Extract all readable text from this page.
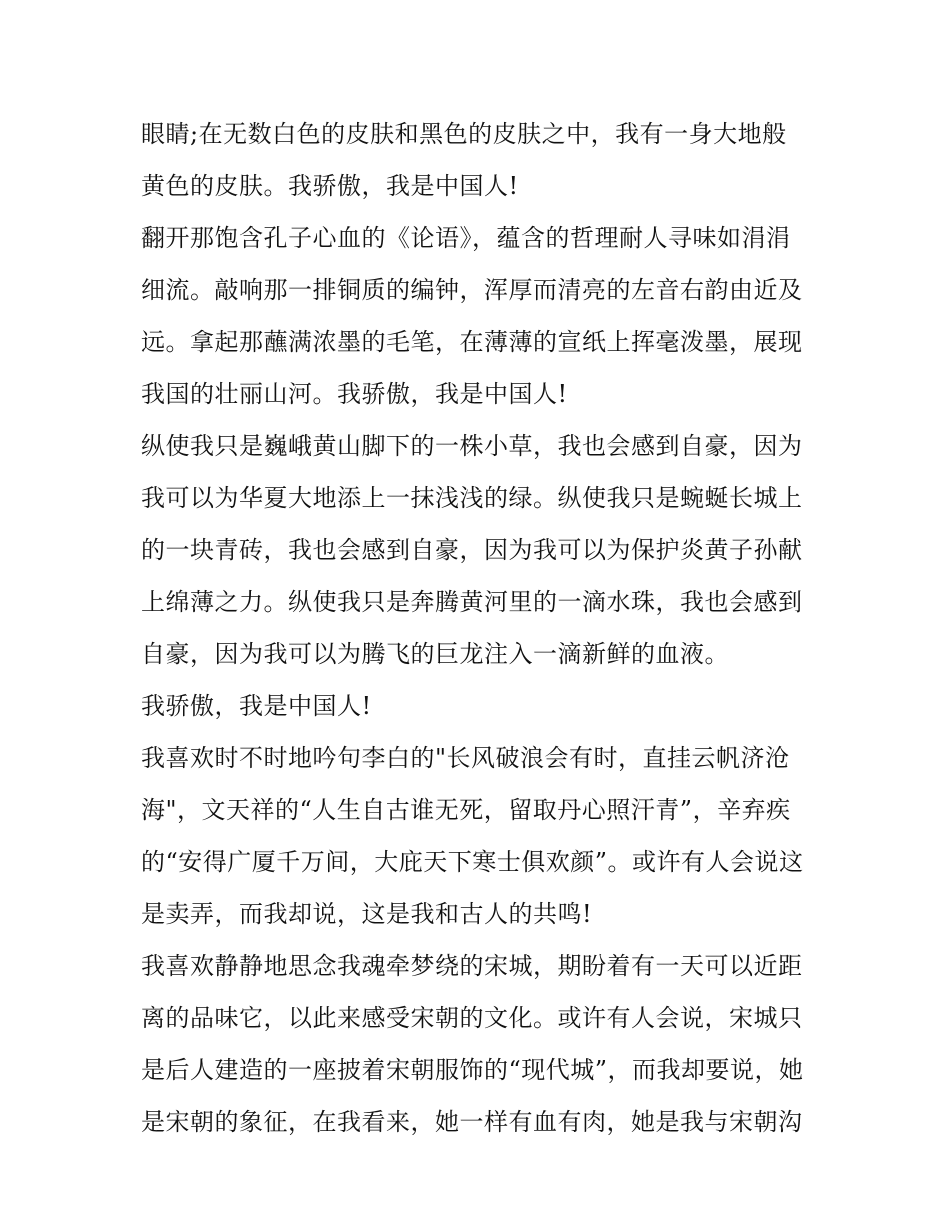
眼睛;在无数白色的皮肤和黑色的皮肤之中，我有一身大地般
黄色的皮肤。我骄傲，我是中国人!
翻开那饱含孔子心血的《论语》，蕴含的哲理耐人寻味如涓涓
细流。敲响那一排铜质的编钟，浑厚而清亮的左音右韵由近及
远。拿起那蘸满浓墨的毛笔，在薄薄的宣纸上挥毫泼墨，展现
我国的壮丽山河。我骄傲，我是中国人!
纵使我只是巍峨黄山脚下的一株小草，我也会感到自豪，因为
我可以为华夏大地添上一抹浅浅的绿。纵使我只是蜿蜒长城上
的一块青砖，我也会感到自豪，因为我可以为保护炎黄子孙献
上绵薄之力。纵使我只是奔腾黄河里的一滴水珠，我也会感到
自豪，因为我可以为腾飞的巨龙注入一滴新鲜的血液。
我骄傲，我是中国人!
我喜欢时不时地吟句李白的"长风破浪会有时，直挂云帆济沧
海"，文天祥的“人生自古谁无死，留取丹心照汗青”，辛弃疾
的“安得广厦千万间，大庇天下寒士俱欢颜”。或许有人会说这
是卖弄，而我却说，这是我和古人的共鸣!
我喜欢静静地思念我魂牵梦绕的宋城，期盼着有一天可以近距
离的品味它，以此来感受宋朝的文化。或许有人会说，宋城只
是后人建造的一座披着宋朝服饰的“现代城”，而我却要说，她
是宋朝的象征，在我看来，她一样有血有肉，她是我与宋朝沟
